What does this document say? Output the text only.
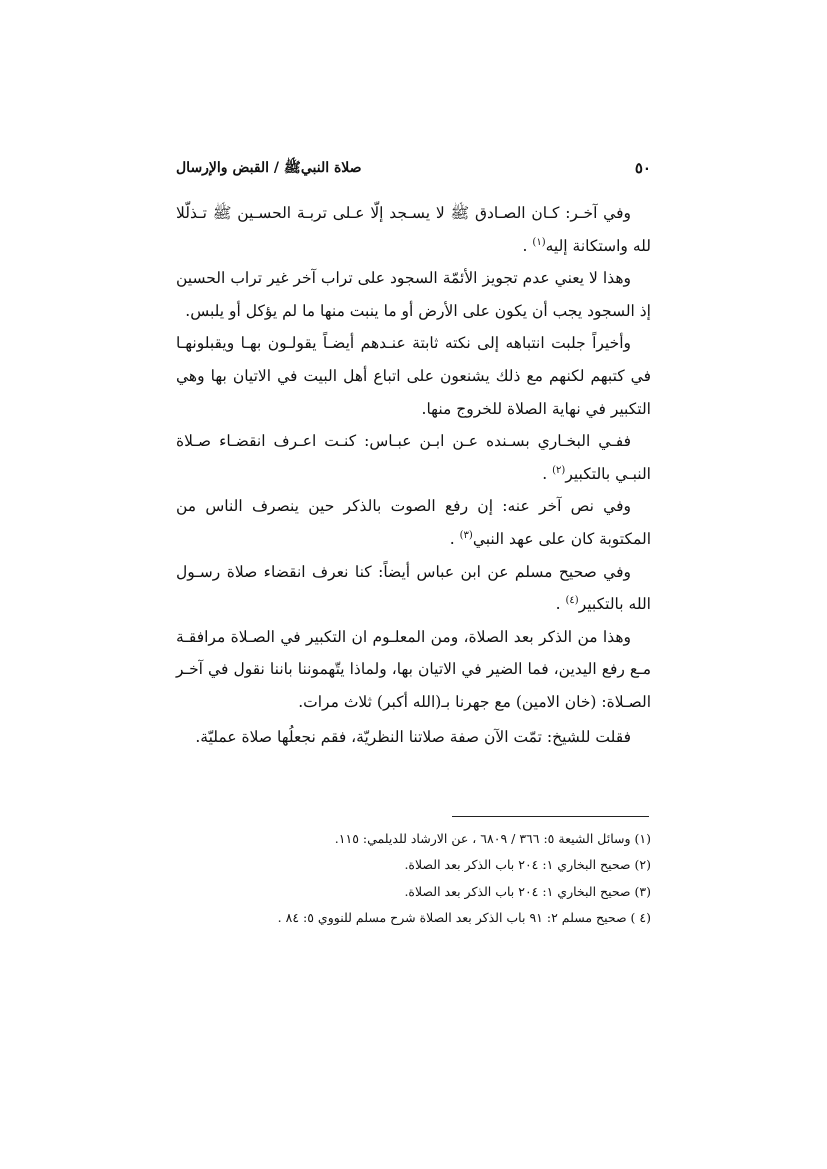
٥٠
صلاة النبيﷺ / القبض والإرسال

وفي آخـر: كـان الصـادق ﷺ لا يسـجد إلّا عـلى تربـة الحسـين ﷺ تـذلّلا لله واستكانة إليه$^{(١)}$ .

وهذا لا يعني عدم تجويز الأئمّة السجود على تراب آخر غير تراب الحسين إذ السجود يجب أن يكون على الأرض أو ما ينبت منها ما لم يؤكل أو يلبس.

وأخيراً جلبت انتباهه إلى نكته ثابتة عنـدهم أيضـاً يقولـون بهـا ويقبلونهـا في كتبهم لكنهم مع ذلك يشنعون على اتباع أهل البيت في الاتيان بها وهي التكبير في نهاية الصلاة للخروج منها.

ففـي البخـاري بسـنده عـن ابـن عبـاس: كنـت اعـرف انقضـاء صـلاة النبـي بالتكبير$^{(٢)}$ .

وفي نص آخر عنه: إن رفع الصوت بالذكر حين ينصرف الناس من المكتوبة كان على عهد النبي$^{(٣)}$ .

وفي صحيح مسلم عن ابن عباس أيضاً: كنا نعرف انقضاء صلاة رسـول الله بالتكبير$^{(٤)}$ .

وهذا من الذكر بعد الصلاة، ومن المعلـوم ان التكبير في الصـلاة مرافقـة مـع رفع اليدين، فما الضير في الاتيان بها، ولماذا يتّهموننا باننا نقول في آخـر الصـلاة: (خان الامين) مع جهرنا بـ(الله أكبر) ثلاث مرات.

فقلت للشيخ: تمّت الآن صفة صلاتنا النظريّة، فقم نجعلُها صلاة عمليّة.

(١) وسائل الشيعة ٥: ٣٦٦ / ٦٨٠٩ ، عن الارشاد للديلمي: ١١٥.

(٢) صحيح البخاري ١: ٢٠٤ باب الذكر بعد الصلاة.

(٣) صحيح البخاري ١: ٢٠٤ باب الذكر بعد الصلاة.

(٤ ) صحيح مسلم ٢: ٩١ باب الذكر بعد الصلاة شرح مسلم للنووي ٥: ٨٤ .
